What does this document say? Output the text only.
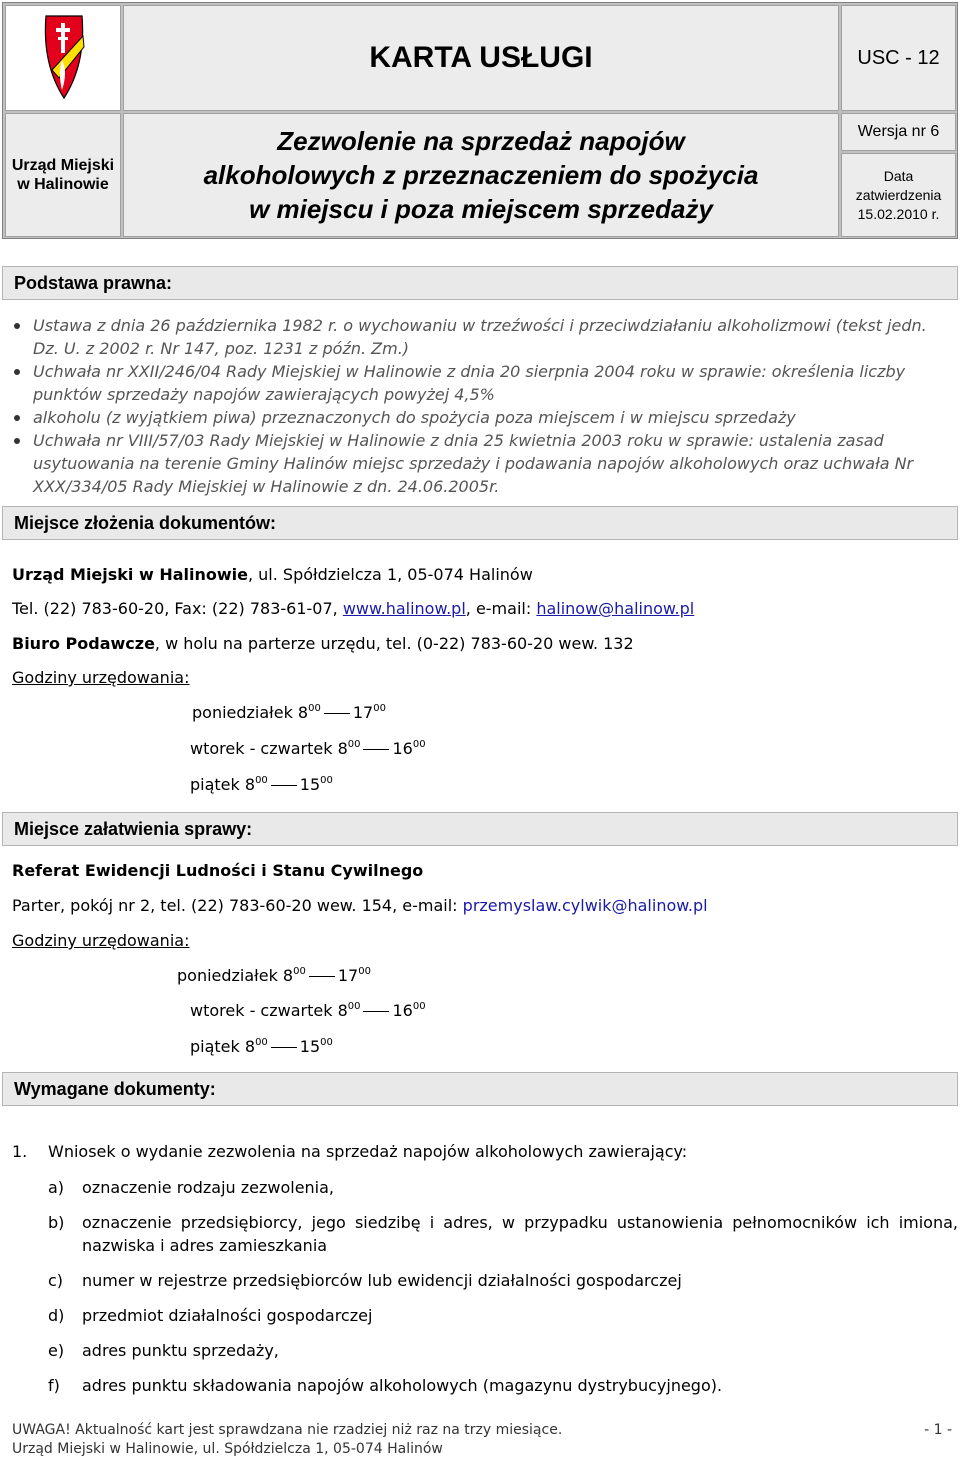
KARTA USŁUGI	USC - 12
Urząd Miejski w Halinowie
Zezwolenie na sprzedaż napojów
alkoholowych z przeznaczeniem do spożycia
w miejscu i poza miejscem sprzedaży
Wersja nr 6
Data zatwierdzenia
15.02.2010 r.
Podstawa prawna:
Ustawa z dnia 26 października 1982 r. o wychowaniu w trzeźwości i przeciwdziałaniu alkoholizmowi (tekst jedn. Dz. U. z 2002 r. Nr 147, poz. 1231 z późn. Zm.)
Uchwała nr XXII/246/04 Rady Miejskiej w Halinowie z dnia 20 sierpnia 2004 roku w sprawie: określenia liczby punktów sprzedaży napojów zawierających powyżej 4,5%
alkoholu (z wyjątkiem piwa) przeznaczonych do spożycia poza miejscem i w miejscu sprzedaży
Uchwała nr VIII/57/03 Rady Miejskiej w Halinowie z dnia 25 kwietnia 2003 roku w sprawie: ustalenia zasad usytuowania na terenie Gminy Halinów miejsc sprzedaży i podawania napojów alkoholowych oraz uchwała Nr XXX/334/05 Rady Miejskiej w Halinowie z dn. 24.06.2005r.
Miejsce złożenia dokumentów:
Urząd Miejski w Halinowie, ul. Spółdzielcza 1, 05-074 Halinów
Tel. (22) 783-60-20, Fax: (22) 783-61-07, www.halinow.pl, e-mail: halinow@halinow.pl
Biuro Podawcze, w holu na parterze urzędu, tel. (0-22) 783-60-20 wew. 132
Godziny urzędowania:
poniedziałek $8^{00}$ $17^{00}$
wtorek - czwartek $8^{00}$ $16^{00}$
piątek $8^{00}$ $15^{00}$
Miejsce załatwienia sprawy:
Referat Ewidencji Ludności i Stanu Cywilnego
Parter, pokój nr 2, tel. (22) 783-60-20 wew. 154, e-mail: przemyslaw.cylwik@halinow.pl
Godziny urzędowania:
poniedziałek $8^{00}$ $17^{00}$
wtorek - czwartek $8^{00}$ $16^{00}$
piątek $8^{00}$ $15^{00}$
Wymagane dokumenty:
1. Wniosek o wydanie zezwolenia na sprzedaż napojów alkoholowych zawierający:
a) oznaczenie rodzaju zezwolenia,
b) oznaczenie przedsiębiorcy, jego siedzibę i adres, w przypadku ustanowienia pełnomocników ich imiona, nazwiska i adres zamieszkania
c) numer w rejestrze przedsiębiorców lub ewidencji działalności gospodarczej
d) przedmiot działalności gospodarczej
e) adres punktu sprzedaży,
f) adres punktu składowania napojów alkoholowych (magazynu dystrybucyjnego).
UWAGA! Aktualność kart jest sprawdzana nie rzadziej niż raz na trzy miesiące.	- 1 -
Urząd Miejski w Halinowie, ul. Spółdzielcza 1, 05-074 Halinów
